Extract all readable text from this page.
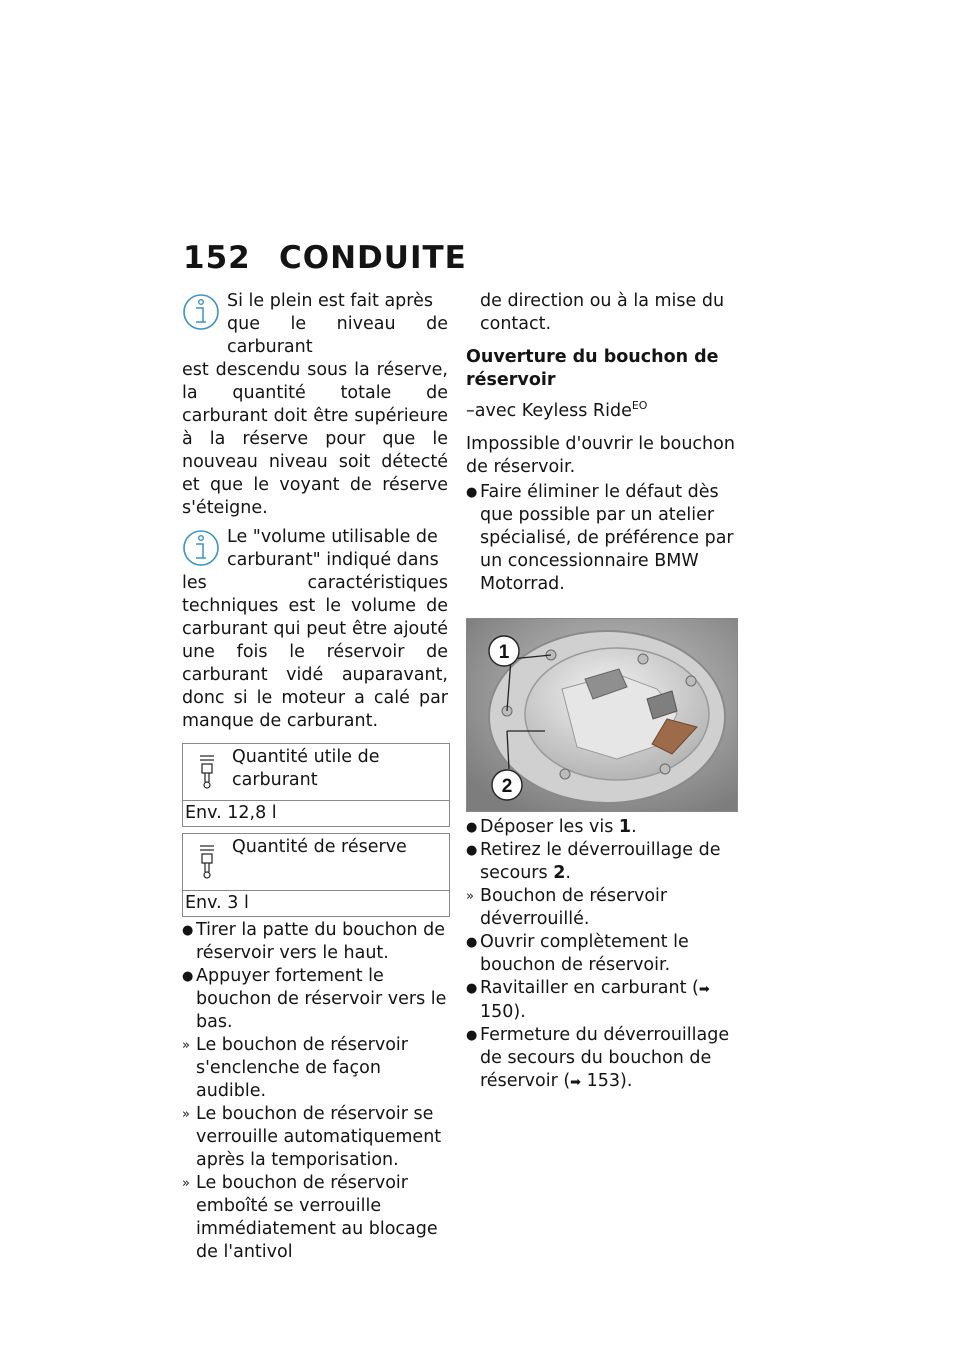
152 CONDUITE

Si le plein est fait après

que le niveau de carburant

est descendu sous la réserve, la quantité totale de carburant doit être supérieure à la réserve pour que le nouveau niveau soit détecté et que le voyant de réserve s'éteigne.

Le "volume utilisable de

carburant" indiqué dans

les caractéristiques techniques est le volume de carburant qui peut être ajouté une fois le réservoir de carburant vidé auparavant, donc si le moteur a calé par manque de carburant.

Quantité utile de carburant
Env. 12,8 l
Quantité de réserve
Env. 3 l
● Tirer la patte du bouchon de réservoir vers le haut.
● Appuyer fortement le bouchon de réservoir vers le bas.
» Le bouchon de réservoir s'enclenche de façon audible.
» Le bouchon de réservoir se verrouille automatiquement après la temporisation.
» Le bouchon de réservoir emboîté se verrouille immédiatement au blocage de l'antivol
de direction ou à la mise du contact.
Ouverture du bouchon de réservoir
–avec Keyless Ride$^{EO}$
Impossible d'ouvrir le bouchon de réservoir.
● Faire éliminer le défaut dès que possible par un atelier spécialisé, de préférence par un concessionnaire BMW Motorrad.
1
2
● Déposer les vis 1.
● Retirez le déverrouillage de secours 2.
» Bouchon de réservoir déverrouillé.
● Ouvrir complètement le bouchon de réservoir.
● Ravitailler en carburant (➡ 150).
● Fermeture du déverrouillage de secours du bouchon de réservoir (➡ 153).
